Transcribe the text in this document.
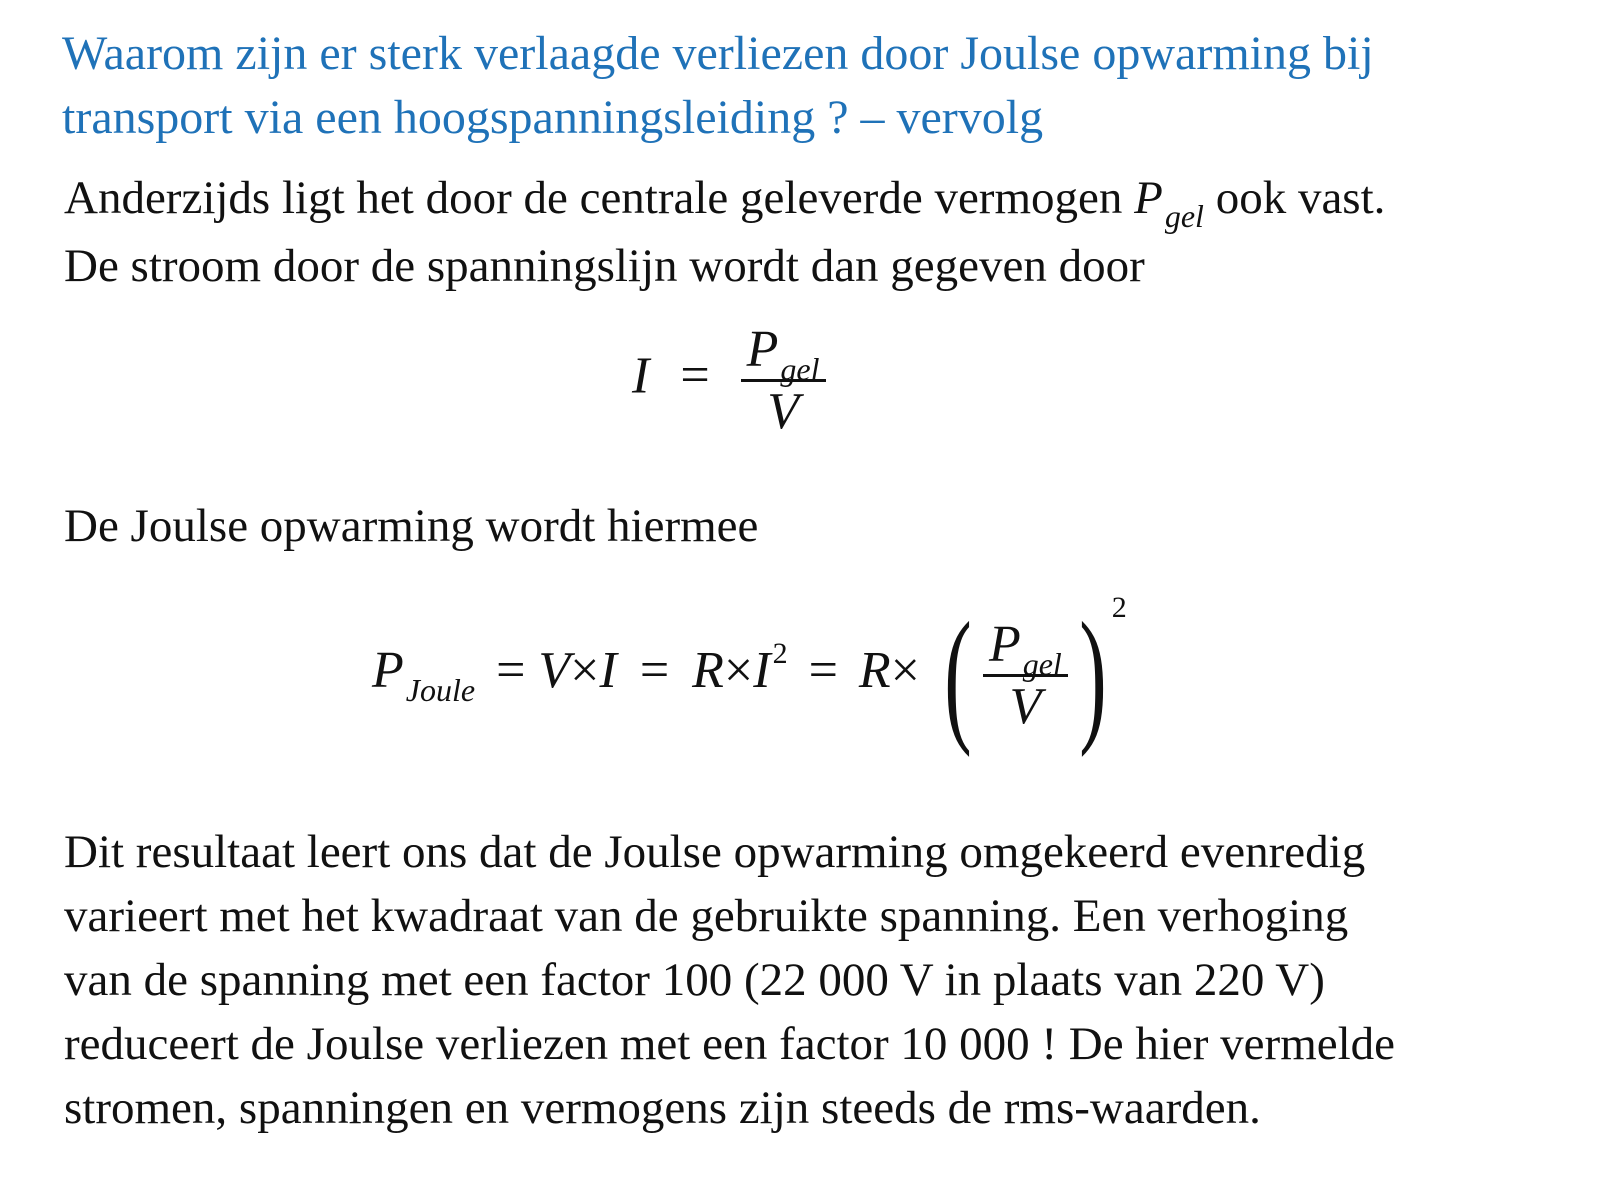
Waarom zijn er sterk verlaagde verliezen door Joulse opwarming bij
transport via een hoogspanningsleiding ? – vervolg
Anderzijds ligt het door de centrale geleverde vermogen $P_{gel}$ ook vast.
De stroom door de spanningslijn wordt dan gegeven door
$I = \frac{P_{gel}}{V}$
De Joulse opwarming wordt hiermee
$P_{Joule} = V\times I = R\times I^2 = R\times$ ( $\frac{P_{gel}}{V}$ ) $^2$
Dit resultaat leert ons dat de Joulse opwarming omgekeerd evenredig
varieert met het kwadraat van de gebruikte spanning. Een verhoging
van de spanning met een factor 100 (22 000 V in plaats van 220 V)
reduceert de Joulse verliezen met een factor 10 000 ! De hier vermelde
stromen, spanningen en vermogens zijn steeds de rms-waarden.
